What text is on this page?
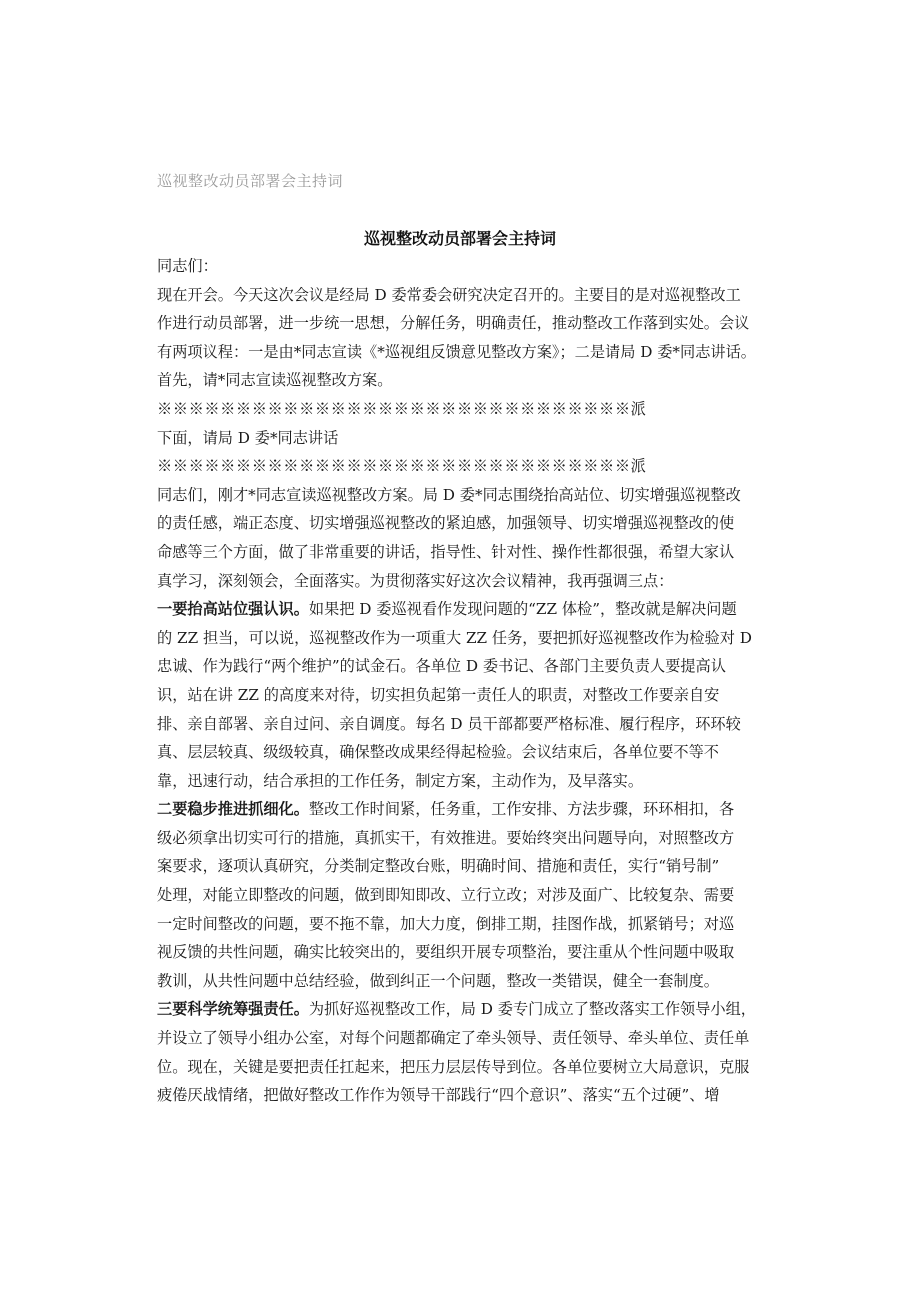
巡视整改动员部署会主持词
巡视整改动员部署会主持词
同志们：
现在开会。今天这次会议是经局 D 委常委会研究决定召开的。主要目的是对巡视整改工
作进行动员部署，进一步统一思想，分解任务，明确责任，推动整改工作落到实处。会议
有两项议程：一是由*同志宣读《*巡视组反馈意见整改方案》；二是请局 D 委*同志讲话。
首先，请*同志宣读巡视整改方案。
※※※※※※※※※※※※※※※※※※※※※※※※※※※※※※派
下面，请局 D 委*同志讲话
※※※※※※※※※※※※※※※※※※※※※※※※※※※※※※派
同志们，刚才*同志宣读巡视整改方案。局 D 委*同志围绕抬高站位、切实增强巡视整改
的责任感，端正态度、切实增强巡视整改的紧迫感，加强领导、切实增强巡视整改的使
命感等三个方面，做了非常重要的讲话，指导性、针对性、操作性都很强，希望大家认
真学习，深刻领会，全面落实。为贯彻落实好这次会议精神，我再强调三点：
一要抬高站位强认识。如果把 D 委巡视看作发现问题的“ZZ 体检”，整改就是解决问题
的 ZZ 担当，可以说，巡视整改作为一项重大 ZZ 任务，要把抓好巡视整改作为检验对 D
忠诚、作为践行“两个维护”的试金石。各单位 D 委书记、各部门主要负责人要提高认
识，站在讲 ZZ 的高度来对待，切实担负起第一责任人的职责，对整改工作要亲自安
排、亲自部署、亲自过问、亲自调度。每名 D 员干部都要严格标准、履行程序，环环较
真、层层较真、级级较真，确保整改成果经得起检验。会议结束后，各单位要不等不
靠，迅速行动，结合承担的工作任务，制定方案，主动作为，及早落实。
二要稳步推进抓细化。整改工作时间紧，任务重，工作安排、方法步骤，环环相扣，各
级必须拿出切实可行的措施，真抓实干，有效推进。要始终突出问题导向，对照整改方
案要求，逐项认真研究，分类制定整改台账，明确时间、措施和责任，实行“销号制”
处理，对能立即整改的问题，做到即知即改、立行立改；对涉及面广、比较复杂、需要
一定时间整改的问题，要不拖不靠，加大力度，倒排工期，挂图作战，抓紧销号；对巡
视反馈的共性问题，确实比较突出的，要组织开展专项整治，要注重从个性问题中吸取
教训，从共性问题中总结经验，做到纠正一个问题，整改一类错误，健全一套制度。
三要科学统筹强责任。为抓好巡视整改工作，局 D 委专门成立了整改落实工作领导小组，
并设立了领导小组办公室，对每个问题都确定了牵头领导、责任领导、牵头单位、责任单
位。现在，关键是要把责任扛起来，把压力层层传导到位。各单位要树立大局意识，克服
疲倦厌战情绪，把做好整改工作作为领导干部践行“四个意识”、落实“五个过硬”、增
